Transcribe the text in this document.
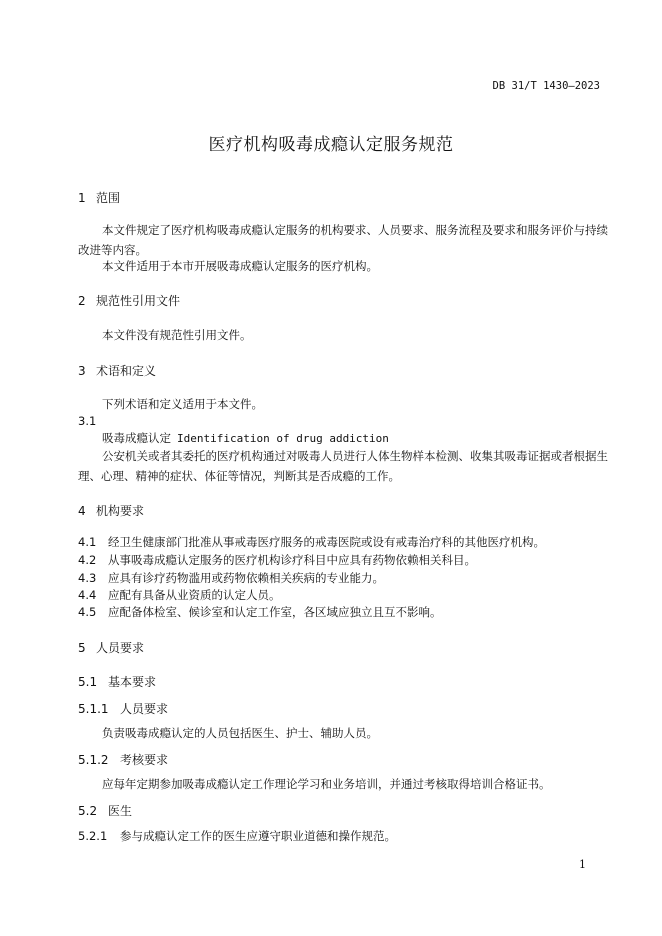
DB 31/T 1430—2023
医疗机构吸毒成瘾认定服务规范
1 范围
本文件规定了医疗机构吸毒成瘾认定服务的机构要求、人员要求、服务流程及要求和服务评价与持续改进等内容。
本文件适用于本市开展吸毒成瘾认定服务的医疗机构。
2 规范性引用文件
本文件没有规范性引用文件。
3 术语和定义
下列术语和定义适用于本文件。
3.1
吸毒成瘾认定 Identification of drug addiction
公安机关或者其委托的医疗机构通过对吸毒人员进行人体生物样本检测、收集其吸毒证据或者根据生理、心理、精神的症状、体征等情况，判断其是否成瘾的工作。
4 机构要求
4.1 经卫生健康部门批准从事戒毒医疗服务的戒毒医院或设有戒毒治疗科的其他医疗机构。
4.2 从事吸毒成瘾认定服务的医疗机构诊疗科目中应具有药物依赖相关科目。
4.3 应具有诊疗药物滥用或药物依赖相关疾病的专业能力。
4.4 应配有具备从业资质的认定人员。
4.5 应配备体检室、候诊室和认定工作室，各区域应独立且互不影响。
5 人员要求
5.1 基本要求
5.1.1 人员要求
负责吸毒成瘾认定的人员包括医生、护士、辅助人员。
5.1.2 考核要求
应每年定期参加吸毒成瘾认定工作理论学习和业务培训，并通过考核取得培训合格证书。
5.2 医生
5.2.1 参与成瘾认定工作的医生应遵守职业道德和操作规范。
1
